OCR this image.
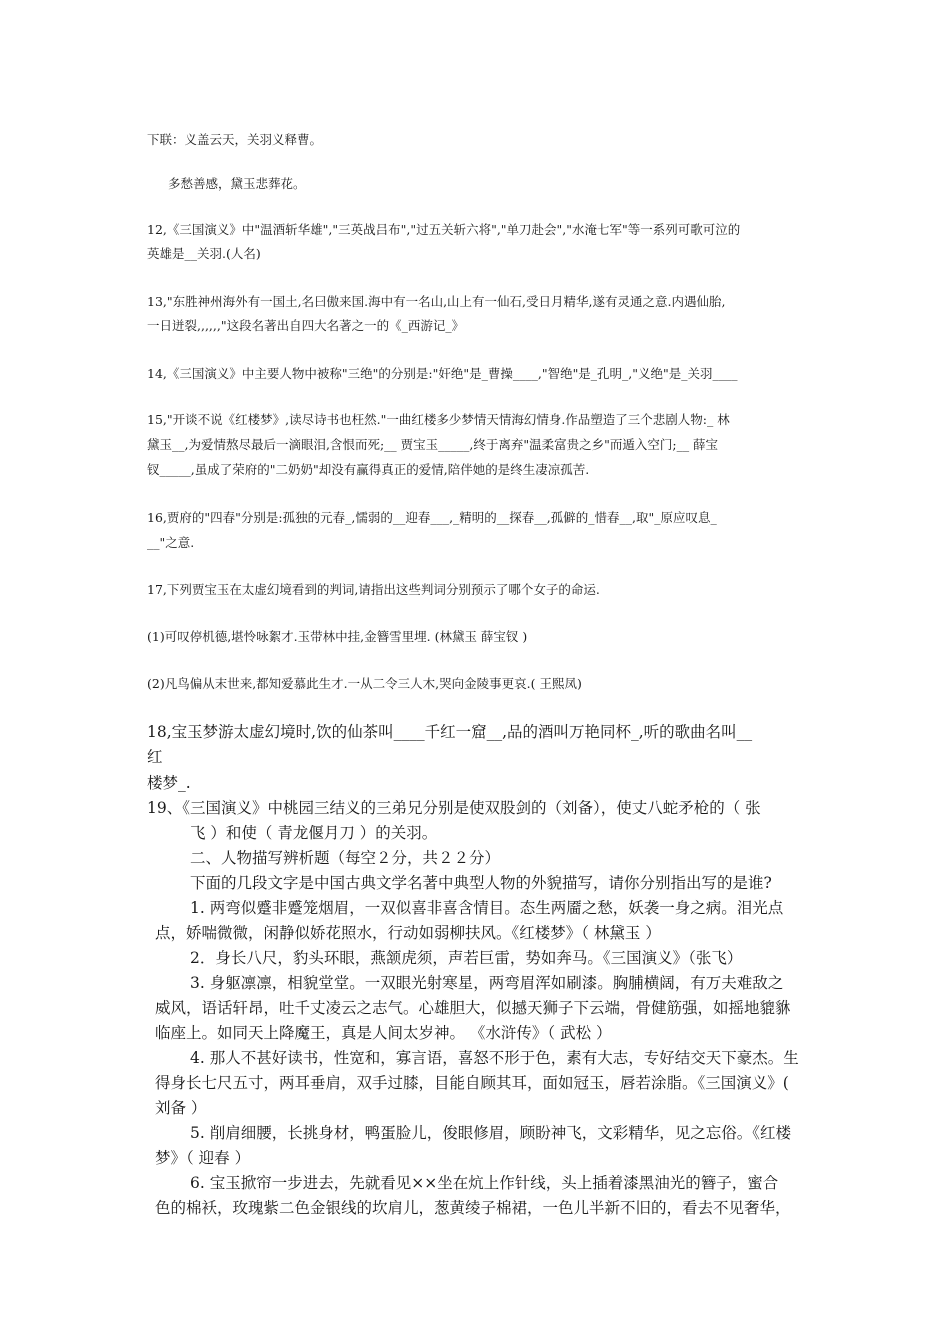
下联：义盖云天，关羽义释曹。
多愁善感，黛玉悲葬花。
12,《三国演义》中"温酒斩华雄","三英战吕布","过五关斩六将","单刀赴会","水淹七军"等一系列可歌可泣的
英雄是__关羽.(人名)
13,"东胜神州海外有一国土,名曰傲来国.海中有一名山,山上有一仙石,受日月精华,遂有灵通之意.内遇仙胎,
一日迸裂,,,,,,"这段名著出自四大名著之一的《_西游记_》
14,《三国演义》中主要人物中被称"三绝"的分别是:"奸绝"是_曹操____,"智绝"是_孔明_,"义绝"是_关羽____
15,"开谈不说《红楼梦》,读尽诗书也枉然."一曲红楼多少梦情天情海幻情身.作品塑造了三个悲剧人物:_ 林
黛玉__,为爱情熬尽最后一滴眼泪,含恨而死;__ 贾宝玉_____,终于离弃"温柔富贵之乡"而遁入空门;__ 薛宝
钗_____,虽成了荣府的"二奶奶"却没有赢得真正的爱情,陪伴她的是终生凄凉孤苦.
16,贾府的"四春"分别是:孤独的元春_,懦弱的__迎春___,_精明的__探春__,孤僻的_惜春__,取"_原应叹息_
__"之意.
17,下列贾宝玉在太虚幻境看到的判词,请指出这些判词分别预示了哪个女子的命运.
(1)可叹停机德,堪怜咏絮才.玉带林中挂,金簪雪里埋. (林黛玉 薛宝钗 )
(2)凡鸟偏从末世来,都知爱慕此生才.一从二令三人木,哭向金陵事更哀.( 王熙凤)
18,宝玉梦游太虚幻境时,饮的仙茶叫____千红一窟__,品的酒叫万艳同杯_,听的歌曲名叫__
红
楼梦_.
19、《三国演义》中桃园三结义的三弟兄分别是使双股剑的（刘备），使丈八蛇矛枪的（ 张
飞 ）和使（ 青龙偃月刀 ）的关羽。
二、人物描写辨析题（每空２分，共２２分）
下面的几段文字是中国古典文学名著中典型人物的外貌描写，请你分别指出写的是谁?
1. 两弯似蹙非蹙笼烟眉，一双似喜非喜含情目。态生两靥之愁，妖袭一身之病。泪光点
点，娇喘微微，闲静似娇花照水，行动如弱柳扶风。《红楼梦》（ 林黛玉 ）
2．身长八尺，豹头环眼，燕颔虎须，声若巨雷，势如奔马。《三国演义》（张飞）
3. 身躯凛凛，相貌堂堂。一双眼光射寒星，两弯眉浑如刷漆。胸脯横阔，有万夫难敌之
威风，语话轩昂，吐千丈凌云之志气。心雄胆大，似撼天狮子下云端，骨健筋强，如摇地貔貅
临座上。如同天上降魔王，真是人间太岁神。 《水浒传》（ 武松 ）
4. 那人不甚好读书，性宽和，寡言语，喜怒不形于色，素有大志，专好结交天下豪杰。生
得身长七尺五寸，两耳垂肩，双手过膝，目能自顾其耳，面如冠玉，唇若涂脂。《三国演义》(
刘备 ）
5. 削肩细腰，长挑身材，鸭蛋脸儿，俊眼修眉，顾盼神飞，文彩精华，见之忘俗。《红楼
梦》（ 迎春 ）
6. 宝玉掀帘一步进去，先就看见××坐在炕上作针线，头上插着漆黑油光的簪子，蜜合
色的棉袄，玫瑰紫二色金银线的坎肩儿，葱黄绫子棉裙，一色儿半新不旧的，看去不见奢华，
